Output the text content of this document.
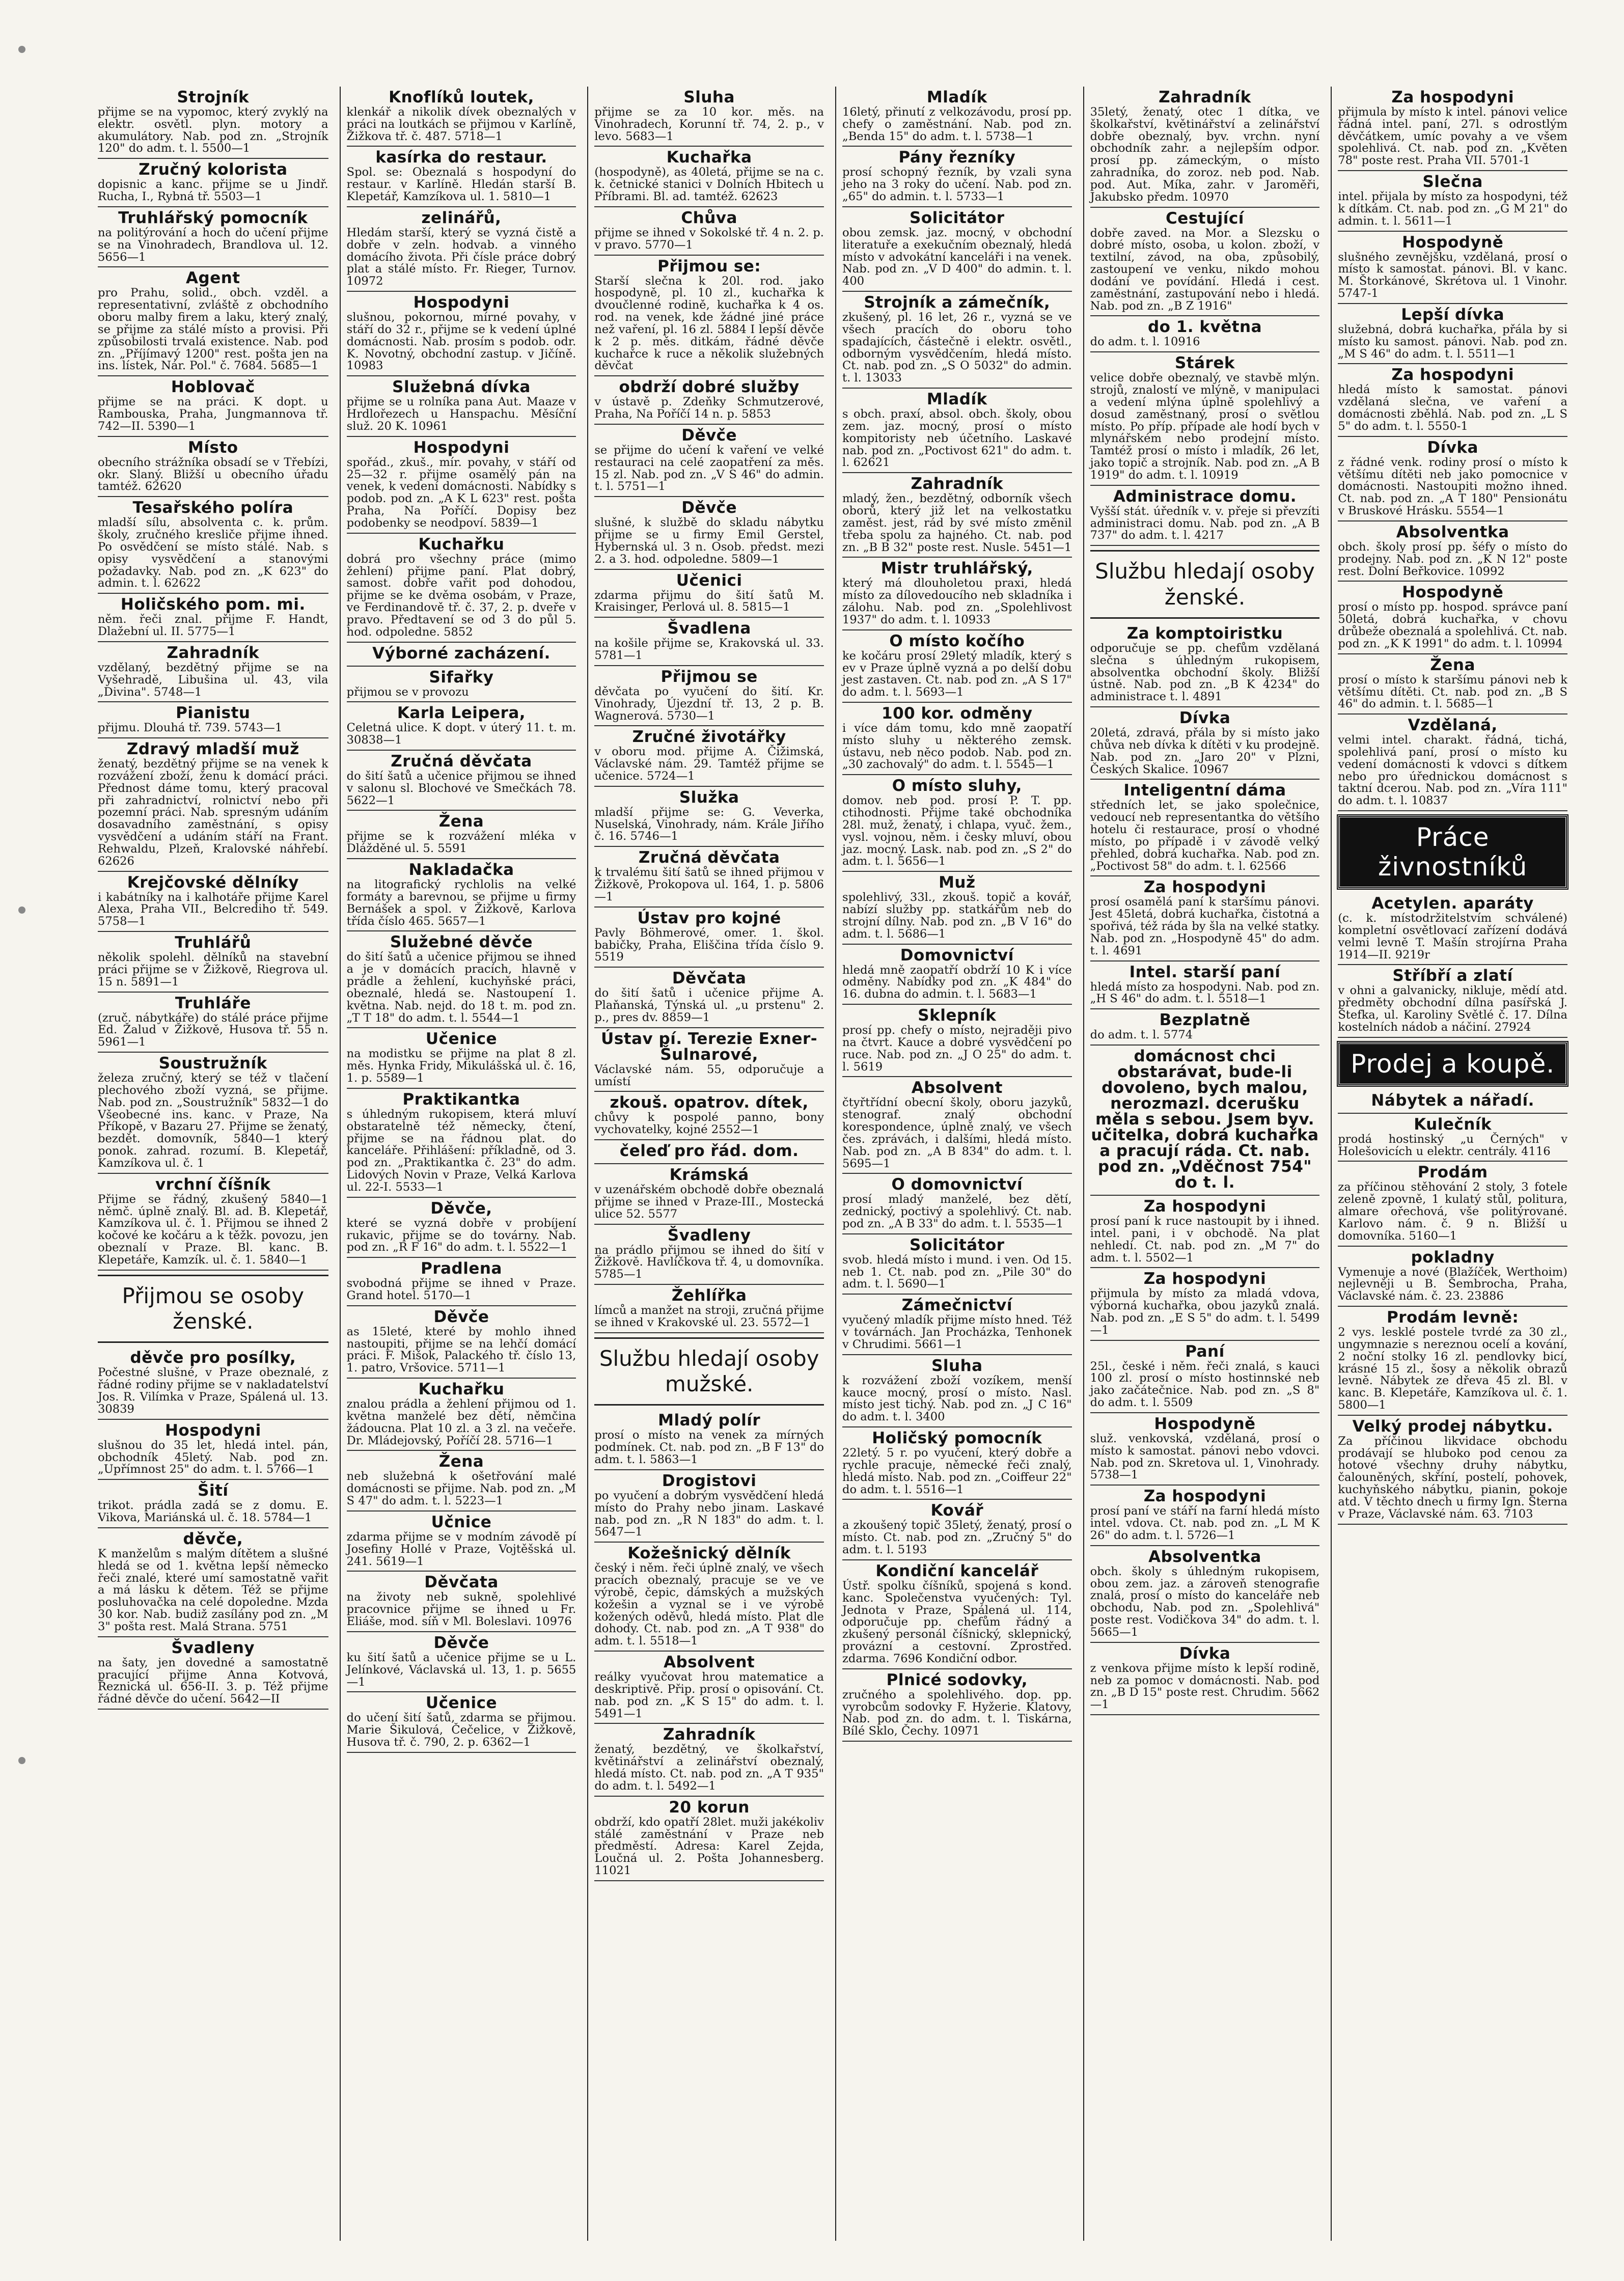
Strojník

přijme se na vypomoc, který zvyklý na elektr. osvětl. plyn. motory a akumulátory. Nab. pod zn. „Strojník 120" do adm. t. l. 5500—1

Zručný kolorista

dopisnic a kanc. přijme se u Jindř. Rucha, I., Rybná tř. 5503—1

Truhlářský pomocník

na politýrování a hoch do učení přijme se na Vinohradech, Brandlova ul. 12. 5656—1

Agent

pro Prahu, solid., obch. vzděl. a representativní, zvláště z obchodního oboru malby firem a laku, který znalý, se přijme za stálé místo a provisi. Při způsobilosti trvalá existence. Nab. pod zn. „Příjímavý 1200" rest. pošta jen na ins. lístek, Nár. Pol." č. 7684. 5685—1

Hoblovač

přijme se na práci. K dopt. u Rambouska, Praha, Jungmannova tř. 742—II. 5390—1

Místo

obecního strážníka obsadí se v Třebízi, okr. Slaný. Bližší u obecního úřadu tamtéž. 62620

Tesařského políra

mladší sílu, absolventa c. k. prům. školy, zručného kresliče přijme ihned. Po osvědčení se místo stálé. Nab. s opisy vysvědčení a stanovými požadavky. Nab. pod zn. „K 623" do admin. t. l. 62622

Holičského pom. mi.

něm. řeči znal. přijme F. Handt, Dlažební ul. II. 5775—1

Zahradník

vzdělaný, bezdětný přijme se na Vyšehradě, Libušina ul. 43, vila „Divina". 5748—1

Pianistu

přijmu. Dlouhá tř. 739. 5743—1

Zdravý mladší muž

ženatý, bezdětný přijme se na venek k rozvážení zboží, ženu k domácí práci. Přednost dáme tomu, který pracoval při zahradnictví, rolnictví nebo při pozemní práci. Nab. spresným udáním dosavadního zaměstnání, s opisy vysvědčení a udáním stáří na Frant. Rehwaldu, Plzeň, Kralovské náhřebí. 62626

Krejčovské dělníky

i kabátníky na i kalhotáře přijme Karel Alexa, Praha VII., Belcrediho tř. 549. 5758—1

Truhlářů

několik spolehl. dělníků na stavební práci přijme se v Žižkově, Riegrova ul. 15 n. 5891—1

Truhláře

(zruč. nábytkáře) do stálé práce přijme Ed. Žalud v Žižkově, Husova tř. 55 n. 5961—1

Soustružník

železa zručný, který se též v tlačení plechového zboží vyzná, se přijme. Nab. pod zn. „Soustružník" 5832—1 do Všeobecné ins. kanc. v Praze, Na Příkopě, v Bazaru 27. Přijme se ženatý, bezdět. domovník, 5840—1 který ponok. zahrad. rozumí. B. Klepetář, Kamzíkova ul. č. 1

vrchní číšník

Přijme se řádný, zkušený 5840—1 němč. úplně znalý. Bl. ad. B. Klepetář, Kamzíkova ul. č. 1. Přijmou se ihned 2 kočové ke kočáru a k těžk. povozu, jen obeznalí v Praze. Bl. kanc. B. Klepetáře, Kamzík. ul. č. 1. 5840—1

Přijmou se osoby ženské.
děvče pro posílky,

Počestné slušné, v Praze obeznalé, z řádné rodiny přijme se v nakladatelství Jos. R. Vilímka v Praze, Spálená ul. 13. 30839

Hospodyni

slušnou do 35 let, hledá intel. pán, obchodník 45letý. Nab. pod zn. „Upřímnost 25" do adm. t. l. 5766—1

Šití

trikot. prádla zadá se z domu. E. Vikova, Mariánská ul. č. 18. 5784—1

děvče,

K manželům s malým dítětem a slušné hledá se od 1. května lepší německo řeči znalé, které umí samostatně vařit a má lásku k dětem. Též se přijme posluhovačka na celé dopoledne. Mzda 30 kor. Nab. budiž zasílány pod zn. „M 3" pošta rest. Malá Strana. 5751

Švadleny

na šaty, jen dovedné a samostatně pracující přijme Anna Kotvová, Řeznická ul. 656-II. 3. p. Též přijme řádné děvče do učení. 5642—II

Knoflíků loutek,

klenkář a nikolik dívek obeznalých v práci na loutkách se přijmou v Karlíně, Žižkova tř. č. 487. 5718—1

kasírka do restaur.

Spol. se: Obeznalá s hospodyní do restaur. v Karlíně. Hledán starší B. Klepetář, Kamzíkova ul. 1. 5810—1

zelinářů,

Hledám starší, který se vyzná čistě a dobře v zeln. hodvab. a vinného domácího života. Při čísle práce dobrý plat a stálé místo. Fr. Rieger, Turnov. 10972

Hospodyni

slušnou, pokornou, mírné povahy, v stáří do 32 r., přijme se k vedení úplné domácnosti. Nab. prosím s podob. odr. K. Novotný, obchodní zastup. v Jičíně. 10983

Služebná dívka

přijme se u rolníka pana Aut. Maaze v Hrdlořezech u Hanspachu. Měsíční služ. 20 K. 10961

Hospodyni

spořád., zkuš., mír. povahy, v stáří od 25—32 r. přijme osamělý pán na venek, k vedení domácnosti. Nabídky s podob. pod zn. „A K L 623" rest. pošta Praha, Na Poříčí. Dopisy bez podobenky se neodpoví. 5839—1

Kuchařku

dobrá pro všechny práce (mimo žehlení) přijme paní. Plat dobrý, samost. dobře vařit pod dohodou, přijme se ke dvěma osobám, v Praze, ve Ferdinandově tř. č. 37, 2. p. dveře v pravo. Předtavení se od 3 do půl 5. hod. odpoledne. 5852

Výborné zacházení.

Sifařky

přijmou se v provozu

Karla Leipera,

Celetná ulice. K dopt. v úterý 11. t. m. 30838—1

Zručná děvčata

do šití šatů a učenice přijmou se ihned v salonu sl. Blochové ve Smečkách 78. 5622—1

Žena

přijme se k rozvážení mléka v Dlážděné ul. 5. 5591

Nakladačka

na litografický rychlolis na velké formáty a barevnou, se přijme u firmy Bernášek a spol. v Žižkově, Karlova třída číslo 465. 5657—1

Služebné děvče

do šití šatů a učenice přijmou se ihned a je v domácích pracích, hlavně v prádle a žehlení, kuchyňské práci, obeznalé, hledá se. Nastoupení 1. května. Nab. nejd. do 18 t. m. pod zn. „T T 18" do adm. t. l. 5544—1

Učenice

na modistku se přijme na plat 8 zl. měs. Hynka Fridy, Mikulášská ul. č. 16, 1. p. 5589—1

Praktikantka

s úhledným rukopisem, která mluví obstaratelně též německy, čtení, přijme se na řádnou plat. do kanceláře. Přihlášení: příkladně, od 3. pod zn. „Praktikantka č. 23" do adm. Lidových Novin v Praze, Velká Karlova ul. 22-I. 5533—1

Děvče,

které se vyzná dobře v probíjení rukavic, přijme se do továrny. Nab. pod zn. „R F 16" do adm. t. l. 5522—1

Pradlena

svobodná přijme se ihned v Praze. Grand hotel. 5170—1

Děvče

as 15leté, které by mohlo ihned nastoupiti, přijme se na lehčí domácí práci. F. Mišok, Palackého tř. číslo 13, 1. patro, Vršovice. 5711—1

Kuchařku

znalou prádla a žehlení přijmou od 1. května manželé bez dětí, němčina žádoucna. Plat 10 zl. a 3 zl. na večeře. Dr. Mládejovský, Poříčí 28. 5716—1

Žena

neb služebná k ošetřování malé domácnosti se přijme. Nab. pod zn. „M S 47" do adm. t. l. 5223—1

Učnice

zdarma přijme se v modním závodě pí Josefiny Hollé v Praze, Vojtěšská ul. 241. 5619—1

Děvčata

na životy neb sukně, spolehlivé pracovnice přijme se ihned u Fr. Eliáše, mod. síň v Ml. Boleslavi. 10976

Děvče

ku šití šatů a učenice přijme se u L. Jelínkové, Václavská ul. 13, 1. p. 5655—1

Učenice

do učení šití šatů, zdarma se přijmou. Marie Šikulová, Čečelice, v Žižkově, Husova tř. č. 790, 2. p. 6362—1

Sluha

přijme se za 10 kor. měs. na Vinohradech, Korunní tř. 74, 2. p., v levo. 5683—1

Kuchařka

(hospodyně), as 40letá, přijme se na c. k. četnické stanici v Dolních Hbitech u Příbrami. Bl. ad. tamtéž. 62623

Chůva

přijme se ihned v Sokolské tř. 4 n. 2. p. v pravo. 5770—1

Přijmou se:

Starší slečna k 20l. rod. jako hospodyně, pl. 10 zl., kuchařka k dvoučlenné rodině, kuchařka k 4 os. rod. na venek, kde žádné jiné práce než vaření, pl. 16 zl. 5884 I lepší děvče k 2 p. měs. ditkám, řádné děvče kuchařce k ruce a několik služebných děvčat

obdrží dobré služby

v ústavě p. Zdeňky Schmutzerové, Praha, Na Poříčí 14 n. p. 5853

Děvče

se přijme do učení k vaření ve velké restauraci na celé zaopatření za měs. 15 zl. Nab. pod zn. „V S 46" do admin. t. l. 5751—1

Děvče

slušné, k službě do skladu nábytku přijme se u firmy Emil Gerstel, Hybernská ul. 3 n. Osob. předst. mezi 2. a 3. hod. odpoledne. 5809—1

Učenici

zdarma přijmu do šití šatů M. Kraisinger, Perlová ul. 8. 5815—1

Švadlena

na košile přijme se, Krakovská ul. 33. 5781—1

Přijmou se

děvčata po vyučení do šití. Kr. Vinohrady, Újezdní tř. 13, 2 p. B. Wagnerová. 5730—1

Zručné životářky

v oboru mod. přijme A. Čižimská, Václavské nám. 29. Tamtéž přijme se učenice. 5724—1

Služka

mladší přijme se: G. Veverka, Nuselská, Vinohrady, nám. Krále Jiřího č. 16. 5746—1

Zručná děvčata

k trvalému šití šatů se ihned přijmou v Žižkově, Prokopova ul. 164, 1. p. 5806—1

Ústav pro kojné

Pavly Böhmerové, omer. 1. škol. babičky, Praha, Eliščina třída číslo 9. 5519

Děvčata

do šití šatů i učenice přijme A. Plaňanská, Týnská ul. „u prstenu" 2. p., pres dv. 8859—1

Ústav pí. Terezie Exner-Šulnarové,

Václavské nám. 55, odporučuje a umístí

zkouš. opatrov. dítek,

chůvy k pospolé panno, bony vychovatelky, kojné 2552—1

čeleď pro řád. dom.

Krámská

v uzenářském obchodě dobře obeznalá přijme se ihned v Praze-III., Mostecká ulice 52. 5577

Švadleny

na prádlo přijmou se ihned do šití v Žižkově. Havlíčkova tř. 4, u domovníka. 5785—1

Žehlířka

límců a manžet na stroji, zručná přijme se ihned v Krakovské ul. 23. 5572—1

Službu hledají osoby mužské.
Mladý polír

prosí o místo na venek za mírných podmínek. Ct. nab. pod zn. „B F 13" do adm. t. l. 5863—1

Drogistovi

po vyučení a dobrým vysvědčení hledá místo do Prahy nebo jinam. Laskavé nab. pod zn. „R N 183" do adm. t. l. 5647—1

Kožešnický dělník

český i něm. řeči úplně znalý, ve všech pracích obeznalý, pracuje se ve ve výrobě, čepic, dámských a mužských kožešin a vyznal se i ve výrobě kožených oděvů, hledá místo. Plat dle dohody. Ct. nab. pod zn. „A T 938" do adm. t. l. 5518—1

Absolvent

reálky vyučovat hrou matematice a deskriptivě. Přip. prosí o opisování. Ct. nab. pod zn. „K S 15" do adm. t. l. 5491—1

Zahradník

ženatý, bezdětný, ve školkařství, květinářství a zelinářství obeznalý, hledá místo. Ct. nab. pod zn. „A T 935" do adm. t. l. 5492—1

20 korun

obdrží, kdo opatří 28let. muži jakékoliv stálé zaměstnání v Praze neb předměstí. Adresa: Karel Zejda, Loučná ul. 2. Pošta Johannesberg. 11021

Mladík

16letý, přinutí z velkozávodu, prosí pp. chefy o zaměstnání. Nab. pod zn. „Benda 15" do adm. t. l. 5738—1

Pány řezníky

prosí schopný řezník, by vzali syna jeho na 3 roky do učení. Nab. pod zn. „65" do admin. t. l. 5733—1

Solicitátor

obou zemsk. jaz. mocný, v obchodní literatuře a exekučním obeznalý, hledá místo v advokátní kanceláři i na venek. Nab. pod zn. „V D 400" do admin. t. l. 400

Strojník a zámečník,

zkušený, pl. 16 let, 26 r., vyzná se ve všech pracích do oboru toho spadajících, částečně i elektr. osvětl., odborným vysvědčením, hledá místo. Ct. nab. pod zn. „S O 5032" do admin. t. l. 13033

Mladík

s obch. praxí, absol. obch. školy, obou zem. jaz. mocný, prosí o místo kompitoristy neb účetního. Laskavé nab. pod zn. „Poctivost 621" do adm. t. l. 62621

Zahradník

mladý, žen., bezdětný, odborník všech oborů, který již let na velkostatku zaměst. jest, rád by své místo změnil třeba spolu za hajného. Ct. nab. pod zn. „B B 32" poste rest. Nusle. 5451—1

Mistr truhlářský,

který má dlouholetou praxi, hledá místo za dílovedoucího neb skladníka i zálohu. Nab. pod zn. „Spolehlivost 1937" do adm. t. l. 10933

O místo kočího

ke kočáru prosí 29letý mladík, který s ev v Praze úplně vyzná a po delší dobu jest zastaven. Ct. nab. pod zn. „A S 17" do adm. t. l. 5693—1

100 kor. odměny

i více dám tomu, kdo mně zaopatří místo sluhy u některého zemsk. ústavu, neb něco podob. Nab. pod zn. „30 zachovalý" do adm. t. l. 5545—1

O místo sluhy,

domov. neb pod. prosí P. T. pp. ctihodnosti. Přijme také obchodníka 28l. muž, ženatý, i chlapa, vyuč. žem., vysl. vojnou, něm. i česky mluví, obou jaz. mocný. Lask. nab. pod zn. „S 2" do adm. t. l. 5656—1

Muž

spolehlivý, 33l., zkouš. topič a kovář, nabízí služby pp. statkářům neb do strojní dílny. Nab. pod zn. „B V 16" do adm. t. l. 5686—1

Domovnictví

hledá mně zaopatří obdrží 10 K i více odměny. Nabídky pod zn. „K 484" do 16. dubna do admin. t. l. 5683—1

Sklepník

prosí pp. chefy o místo, nejraději pivo na čtvrt. Kauce a dobré vysvědčení po ruce. Nab. pod zn. „J O 25" do adm. t. l. 5619

Absolvent

čtyřtřídní obecní školy, oboru jazyků, stenograf. znalý obchodní korespondence, úplně znalý, ve všech čes. zprávách, i dalšími, hledá místo. Nab. pod zn. „A B 834" do adm. t. l. 5695—1

O domovnictví

prosí mladý manželé, bez dětí, zednický, poctivý a spolehlivý. Ct. nab. pod zn. „A B 33" do adm. t. l. 5535—1

Solicitátor

svob. hledá místo i mund. i ven. Od 15. neb 1. Ct. nab. pod zn. „Pile 30" do adm. t. l. 5690—1

Zámečnictví

vyučený mladík přijme místo hned. Též v továrnách. Jan Procházka, Tenhonek v Chrudimi. 5661—1

Sluha

k rozvážení zboží vozíkem, menší kauce mocný, prosí o místo. Nasl. místo jest tichý. Nab. pod zn. „J C 16" do adm. t. l. 3400

Holičský pomocník

22letý. 5 r. po vyučení, který dobře a rychle pracuje, německé řeči znalý, hledá místo. Nab. pod zn. „Coiffeur 22" do adm. t. l. 5516—1

Kovář

a zkoušený topič 35letý, ženatý, prosí o místo. Ct. nab. pod zn. „Zručný 5" do adm. t. l. 5193

Kondiční kancelář

Ústř. spolku číšníků, spojená s kond. kanc. Společenstva vyučených: Tyl. Jednota v Praze, Spálená ul. 114, odporučuje pp. chefům řádný a zkušený personál číšnický, sklepnický, provázní a cestovní. Zprostřed. zdarma. 7696 Kondiční odbor.

Plnicé sodovky,

zručného a spolehlivého. dop. pp. vyrobcům sodovky F. Hyžerie. Klatovy, Nab. pod zn. do adm. t. l. Tiskárna, Bílé Sklo, Čechy. 10971

Zahradník

35letý, ženatý, otec 1 dítka, ve školkařství, květinářství a zelinářství dobře obeznalý, byv. vrchn. nyní obchodník zahr. a nejlepším odpor. prosí pp. zámeckým, o místo zahradníka, do zoroz. neb pod. Nab. pod. Aut. Míka, zahr. v Jaroměři, Jakubsko předm. 10970

Cestující

dobře zaved. na Mor. a Slezsku o dobré místo, osoba, u kolon. zboží, v textilní, závod, na oba, způsobilý, zastoupení ve venku, nikdo mohou dodání ve povídání. Hledá i cest. zaměstnání, zastupování nebo i hledá. Nab. pod zn. „B Z 1916"

do 1. května

do adm. t. l. 10916

Stárek

velice dobře obeznalý, ve stavbě mlýn. strojů, znalostí ve mlýně, v manipulaci a vedení mlýna úplně spolehlivý a dosud zaměstnaný, prosí o světlou místo. Po příp. případe ale hodí bych v mlynářském nebo prodejní místo. Tamtéž prosí o místo i mladík, 26 let, jako topič a strojník. Nab. pod zn. „A B 1919" do adm. t. l. 10919

Administrace domu.

Vyšší stát. úředník v. v. přeje si převzíti administraci domu. Nab. pod zn. „A B 737" do adm. t. l. 4217

Službu hledají osoby ženské.
Za komptoiristku

odporučuje se pp. chefům vzdělaná slečna s úhledným rukopisem, absolventka obchodní školy. Bližší ústně. Nab. pod zn. „B K 4234" do administrace t. l. 4891

Dívka

20letá, zdravá, přála by si místo jako chůva neb dívka k dítěti v ku prodejně. Nab. pod zn. „Jaro 20" v Plzni, Českých Skalice. 10967

Inteligentní dáma

středních let, se jako společnice, vedoucí neb representantka do většího hotelu či restaurace, prosí o vhodné místo, po případě i v závodě velký přehled, dobrá kuchařka. Nab. pod zn. „Poctivost 58" do adm. t. l. 62566

Za hospodyni

prosí osamělá paní k staršímu pánovi. Jest 45letá, dobrá kuchařka, čistotná a spořivá, též ráda by šla na velké statky. Nab. pod zn. „Hospodyně 45" do adm. t. l. 4691

Intel. starší paní

hledá místo za hospodyni. Nab. pod zn. „H S 46" do adm. t. l. 5518—1

Bezplatně

do adm. t. l. 5774

domácnost chci obstarávat, bude-li dovoleno, bych malou, nerozmazl. dcerušku měla s sebou. Jsem byv. učitelka, dobrá kuchařka a pracují ráda. Ct. nab. pod zn. „Vděčnost 754" do t. l.

Za hospodyni

prosí paní k ruce nastoupit by i ihned. intel. pani, i v obchodě. Na plat nehledí. Ct. nab. pod zn. „M 7" do adm. t. l. 5502—1

Za hospodyni

přijmula by místo za mladá vdova, výborná kuchařka, obou jazyků znalá. Nab. pod zn. „E S 5" do adm. t. l. 5499—1

Paní

25l., české i něm. řeči znalá, s kauci 100 zl. prosí o místo hostinnské neb jako začátečnice. Nab. pod zn. „S 8" do adm. t. l. 5509

Hospodyně

služ. venkovská, vzdělaná, prosí o místo k samostat. pánovi nebo vdovci. Nab. pod zn. Skretova ul. 1, Vinohrady. 5738—1

Za hospodyni

prosí paní ve stáří na farní hledá místo intel. vdova. Ct. nab. pod zn. „L M K 26" do adm. t. l. 5726—1

Absolventka

obch. školy s úhledným rukopisem, obou zem. jaz. a zároveň stenografie znalá, prosí o místo do kanceláře neb obchodu, Nab. pod zn. „Spolehlivá" poste rest. Vodičkova 34" do adm. t. l. 5665—1

Dívka

z venkova přijme místo k lepší rodině, neb za pomoc v domácnosti. Nab. pod zn. „B D 15" poste rest. Chrudim. 5662—1

Za hospodyni

přijmula by místo k intel. pánovi velice řádná intel. paní, 27l. s odrostlým děvčátkem, umíc povahy a ve všem spolehlivá. Ct. nab. pod zn. „Květen 78" poste rest. Praha VII. 5701-1

Slečna

intel. přijala by místo za hospodyni, též k dítkám. Ct. nab. pod zn. „G M 21" do admin. t. l. 5611—1

Hospodyně

slušného zevnějšku, vzdělaná, prosí o místo k samostat. pánovi. Bl. v kanc. M. Štorkánové, Skrétova ul. 1 Vinohr. 5747-1

Lepší dívka

služebná, dobrá kuchařka, přála by si místo ku samost. pánovi. Nab. pod zn. „M S 46" do adm. t. l. 5511—1

Za hospodyni

hledá místo k samostat. pánovi vzdělaná slečna, ve vaření a domácnosti zběhlá. Nab. pod zn. „L S 5" do adm. t. l. 5550-1

Dívka

z řádné venk. rodiny prosí o místo k většímu dítěti neb jako pomocnice v domácnosti. Nastoupiti možno ihned. Ct. nab. pod zn. „A T 180" Pensionátu v Bruskové Hrásku. 5554—1

Absolventka

obch. školy prosí pp. šéfy o místo do prodejny. Nab. pod zn. „K N 12" poste rest. Dolní Beřkovice. 10992

Hospodyně

prosí o místo pp. hospod. správce paní 50letá, dobrá kuchařka, v chovu drůbeže obeznalá a spolehlivá. Ct. nab. pod zn. „K K 1991" do adm. t. l. 10994

Žena

prosí o místo k staršímu pánovi neb k většímu dítěti. Ct. nab. pod zn. „B S 46" do admin. t. l. 5685—1

Vzdělaná,

velmi intel. charakt. řádná, tichá, spolehlivá paní, prosí o místo ku vedení domácnosti k vdovci s dítkem nebo pro úřednickou domácnost s taktní dcerou. Nab. pod zn. „Víra 111" do adm. t. l. 10837

Práce živnostníků
Acetylen. aparáty

(c. k. místodržitelstvím schválené) kompletní osvětlovací zařízení dodává velmi levně T. Mašín strojírna Praha 1914—II. 9219r

Stříbří a zlatí

v ohni a galvanicky, nikluje, mědí atd. předměty obchodní dílna pasířská J. Štefka, ul. Karoliny Světlé č. 17. Dílna kostelních nádob a náčiní. 27924

Prodej a koupě.
Nábytek a nářadí.

Kulečník

prodá hostinský „u Černých" v Holešovicích u elektr. centrály. 4116

Prodám

za příčinou stěhování 2 stoly, 3 fotele zeleně zpovně, 1 kulatý stůl, politura, almare ořechová, vše politýrované. Karlovo nám. č. 9 n. Bližší u domovníka. 5160—1

pokladny

Vymenuje a nové (Blažíček, Werthoim) nejlevněji u B. Šembrocha, Praha, Václavské nám. č. 23. 23886

Prodám levně:

2 vys. lesklé postele tvrdé za 30 zl., ungymnazie s nereznou ocelí a kování, 2 noční stolky 16 zl. pendlovky bicí, krásné 15 zl., šosy a několik obrazů levně. Nábytek ze dřeva 45 zl. Bl. v kanc. B. Klepetáře, Kamzíkova ul. č. 1. 5800—1

Velký prodej nábytku.

Za příčinou likvidace obchodu prodávají se hluboko pod cenou za hotové všechny druhy nábytku, čalouněných, skříní, postelí, pohovek, kuchyňského nábytku, pianin, pokoje atd. V těchto dnech u firmy Ign. Šterna v Praze, Václavské nám. 63. 7103
